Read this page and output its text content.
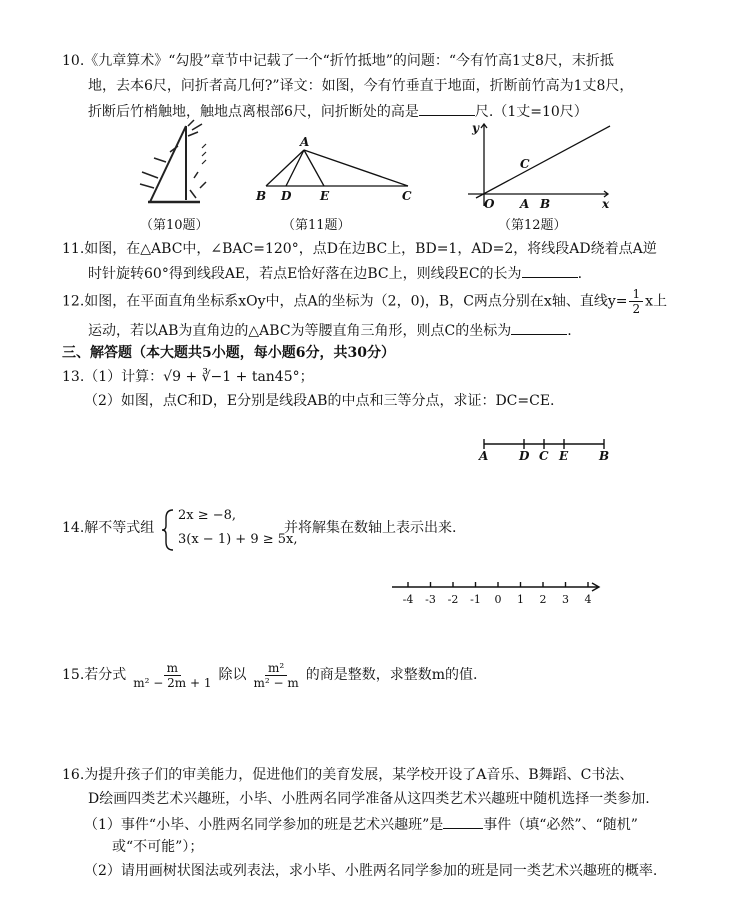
10.《九章算术》“勾股”章节中记载了一个“折竹抵地”的问题：“今有竹高1丈8尺，末折抵
地，去本6尺，问折者高几何?”译文：如图，今有竹垂直于地面，折断前竹高为1丈8尺，
折断后竹梢触地，触地点离根部6尺，问折断处的高是	尺.（1丈=10尺）
（第10题）
A
B D E	C
（第11题）
y
x
O A B
C
（第12题）
11.如图，在△ABC中，∠BAC=120°，点D在边BC上，BD=1，AD=2，将线段AD绕着点A逆
时针旋转60°得到线段AE，若点E恰好落在边BC上，则线段EC的长为	.
12.如图，在平面直角坐标系xOy中，点A的坐标为（2，0)，B，C两点分别在x轴、直线$y= \frac{1}{2}$ x上
运动，若以AB为直角边的△ABC为等腰直角三角形，则点C的坐标为	.
三、解答题（本大题共5小题，每小题6分，共30分）
13.（1）计算：√9 + ∛−1 + tan45°；
（2）如图，点C和D，E分别是线段AB的中点和三等分点，求证：DC=CE.
A	D C E	B
14.解不等式组
2x ≥ −8,
3(x − 1) + 9 ≥ 5x,
并将解集在数轴上表示出来.
-4 -3 -2 -1 0 1 2 3 4
15.若分式 $\frac{m}{\text{m² − 2m + 1}}$ 除以 $\frac{\text{m²}}{\text{m² − m}}$ 的商是整数，求整数m的值.
16.为提升孩子们的审美能力，促进他们的美育发展，某学校开设了A音乐、B舞蹈、C书法、
D绘画四类艺术兴趣班，小毕、小胜两名同学准备从这四类艺术兴趣班中随机选择一类参加.
（1）事件“小毕、小胜两名同学参加的班是艺术兴趣班”是	事件（填“必然”、“随机”
或“不可能”）；
（2）请用画树状图法或列表法，求小毕、小胜两名同学参加的班是同一类艺术兴趣班的概率.
